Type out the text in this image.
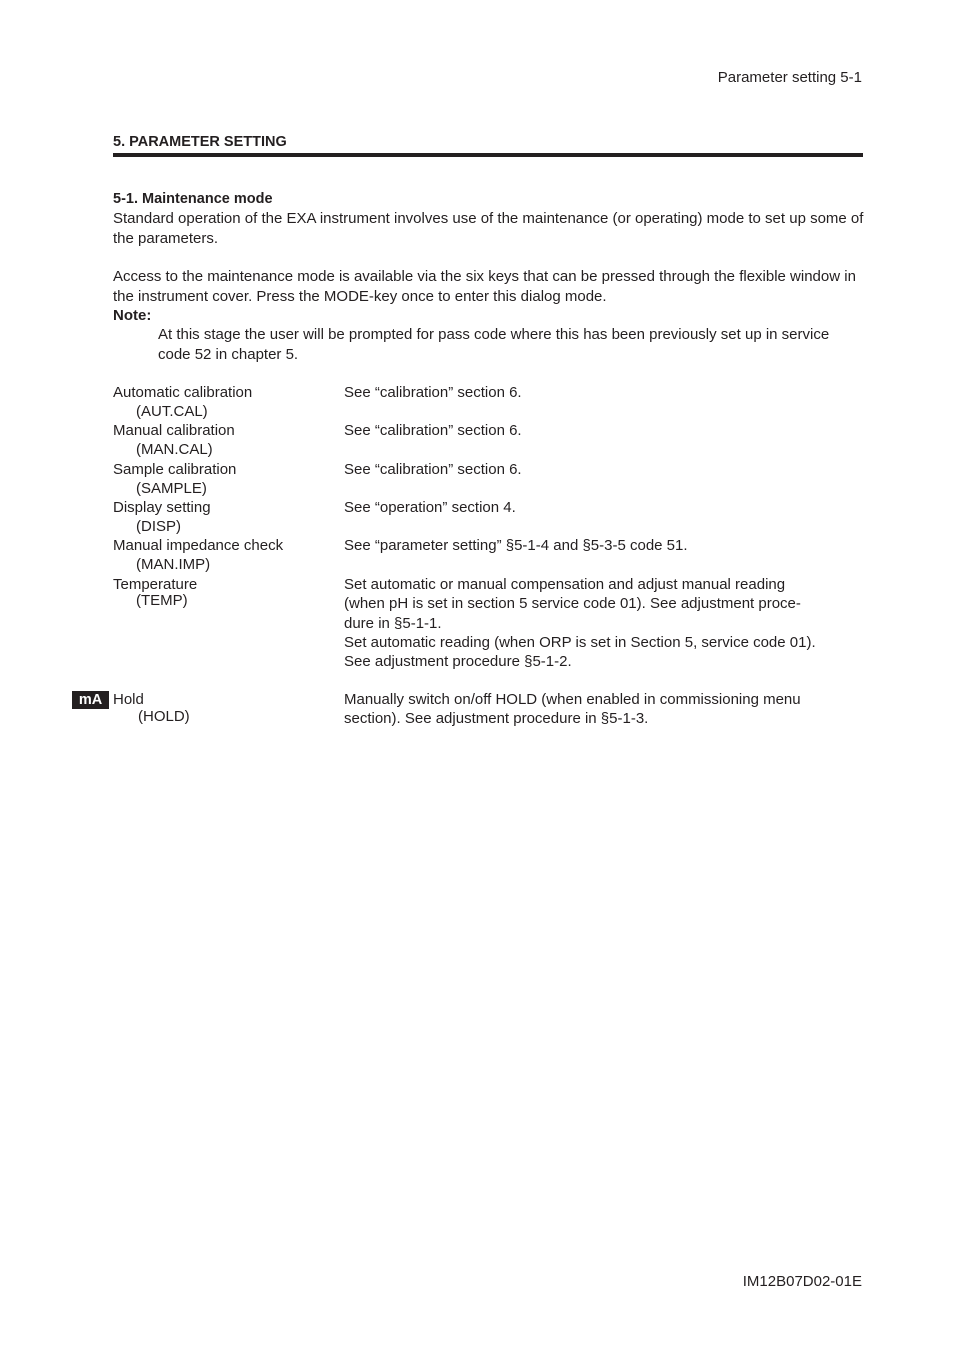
Parameter setting 5-1
5. PARAMETER SETTING
5-1. Maintenance mode

Standard operation of the EXA instrument involves use of the maintenance (or operating) mode to set up some of the parameters.

Access to the maintenance mode is available via the six keys that can be pressed through the flexible window in the instrument cover. Press the MODE-key once to enter this dialog mode.

Note:

At this stage the user will be prompted for pass code where this has been previously set up in service code 52 in chapter 5.

Automatic calibration
(AUT.CAL)
See “calibration” section 6.
Manual calibration
(MAN.CAL)
See “calibration” section 6.
Sample calibration
(SAMPLE)
See “calibration” section 6.
Display setting
(DISP)
See “operation” section 4.
Manual impedance check
(MAN.IMP)
See “parameter setting” §5-1-4 and §5-3-5 code 51.
Temperature
(TEMP)
Set automatic or manual compensation and adjust manual reading
(when pH is set in section 5 service code 01). See adjustment proce-
dure in §5-1-1.
Set automatic reading (when ORP is set in Section 5, service code 01).
See adjustment procedure §5-1-2.
mA Hold
(HOLD)
Manually switch on/off HOLD (when enabled in commissioning menu
section). See adjustment procedure in §5-1-3.
IM12B07D02-01E
